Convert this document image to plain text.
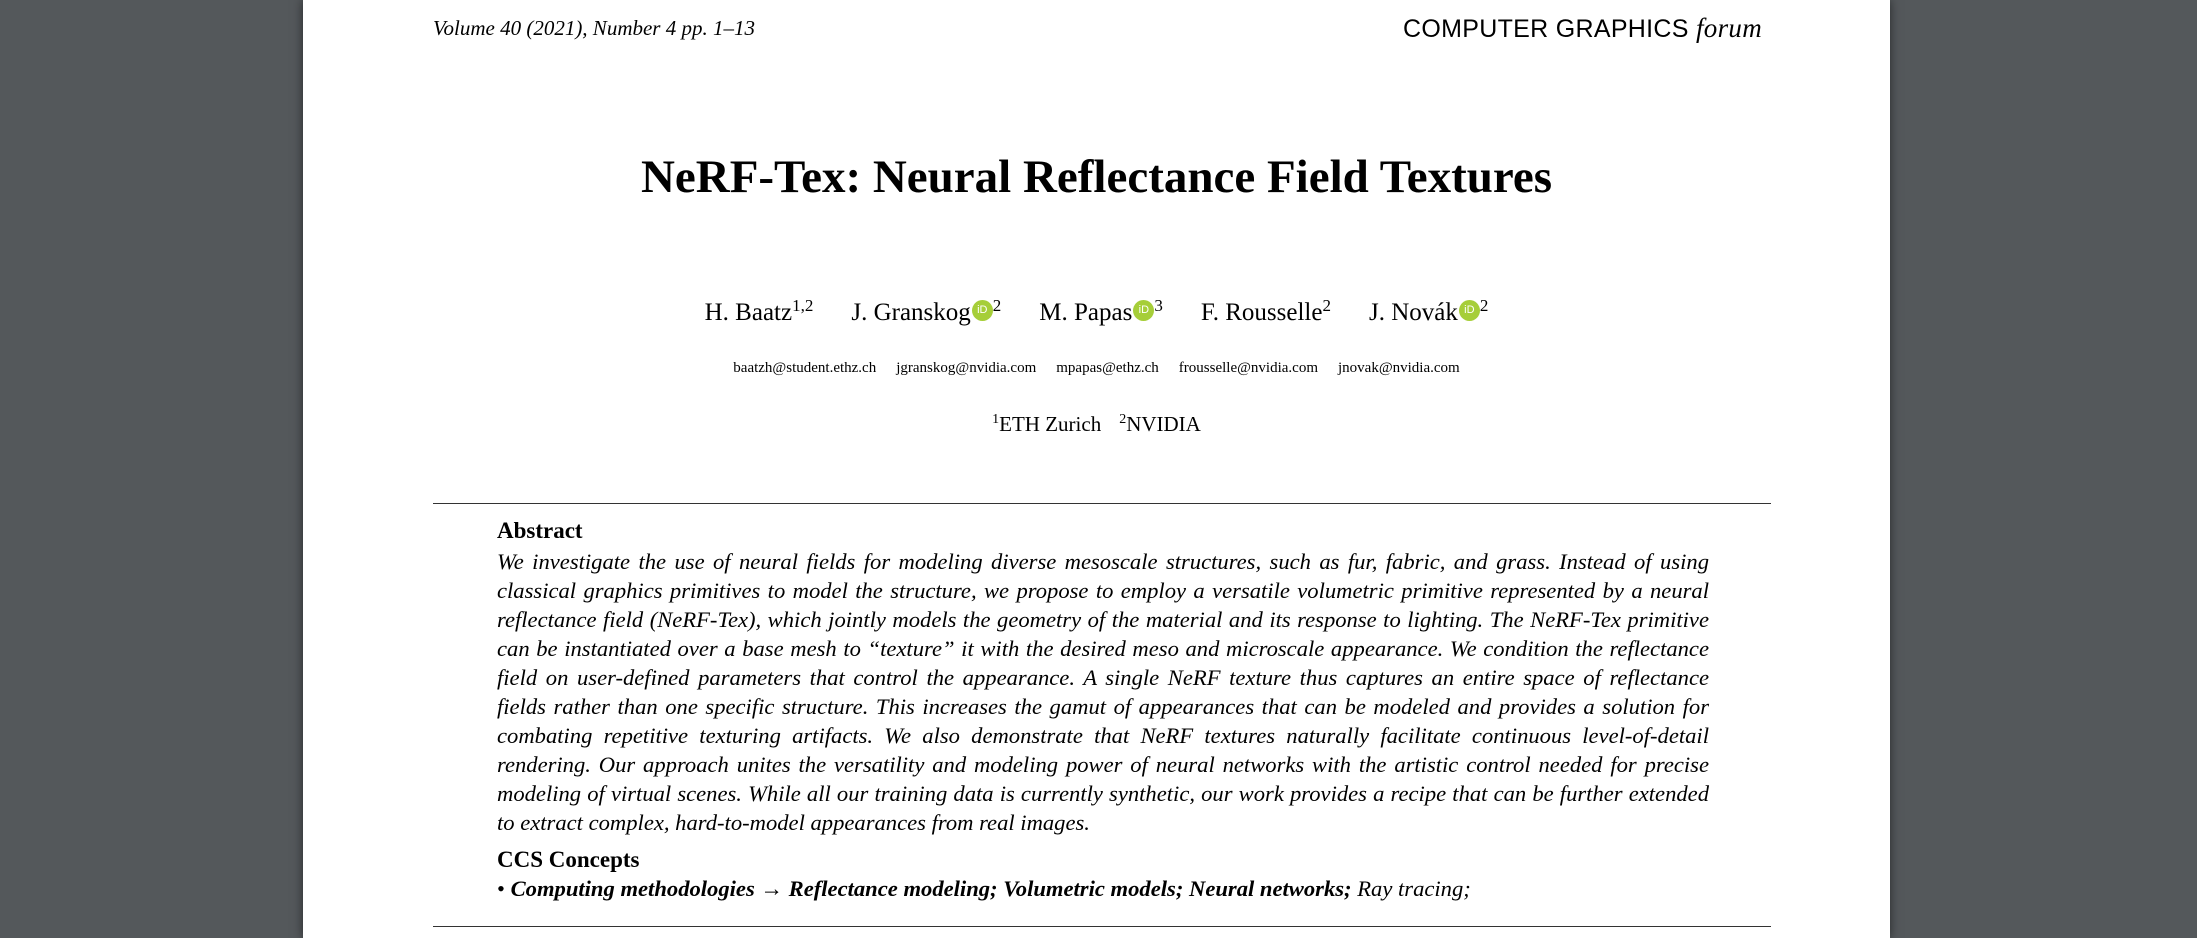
Volume 40 (2021), Number 4 pp. 1–13	COMPUTER GRAPHICS forum
NeRF-Tex: Neural Reflectance Field Textures
H. Baatz$^{1,2}$ J. Granskog iD $^2$ M. Papas iD $^3$ F. Rousselle$^2$ J. Novák iD $^2$
baatzh@student.ethz.ch jgranskog@nvidia.com mpapas@ethz.ch frousselle@nvidia.com jnovak@nvidia.com
$^1$ETH Zurich $^2$NVIDIA
Abstract
We investigate the use of neural fields for modeling diverse mesoscale structures, such as fur, fabric, and grass. Instead of using classical graphics primitives to model the structure, we propose to employ a versatile volumetric primitive represented by a neural reflectance field (NeRF-Tex), which jointly models the geometry of the material and its response to lighting. The NeRF-Tex primitive can be instantiated over a base mesh to “texture” it with the desired meso and microscale appearance. We condition the reflectance field on user-defined parameters that control the appearance. A single NeRF texture thus captures an entire space of reflectance fields rather than one specific structure. This increases the gamut of appearances that can be modeled and provides a solution for combating repetitive texturing artifacts. We also demonstrate that NeRF textures naturally facilitate continuous level-of-detail rendering. Our approach unites the versatility and modeling power of neural networks with the artistic control needed for precise modeling of virtual scenes. While all our training data is currently synthetic, our work provides a recipe that can be further extended to extract complex, hard-to-model appearances from real images.
CCS Concepts
• Computing methodologies → Reflectance modeling; Volumetric models; Neural networks; Ray tracing;
